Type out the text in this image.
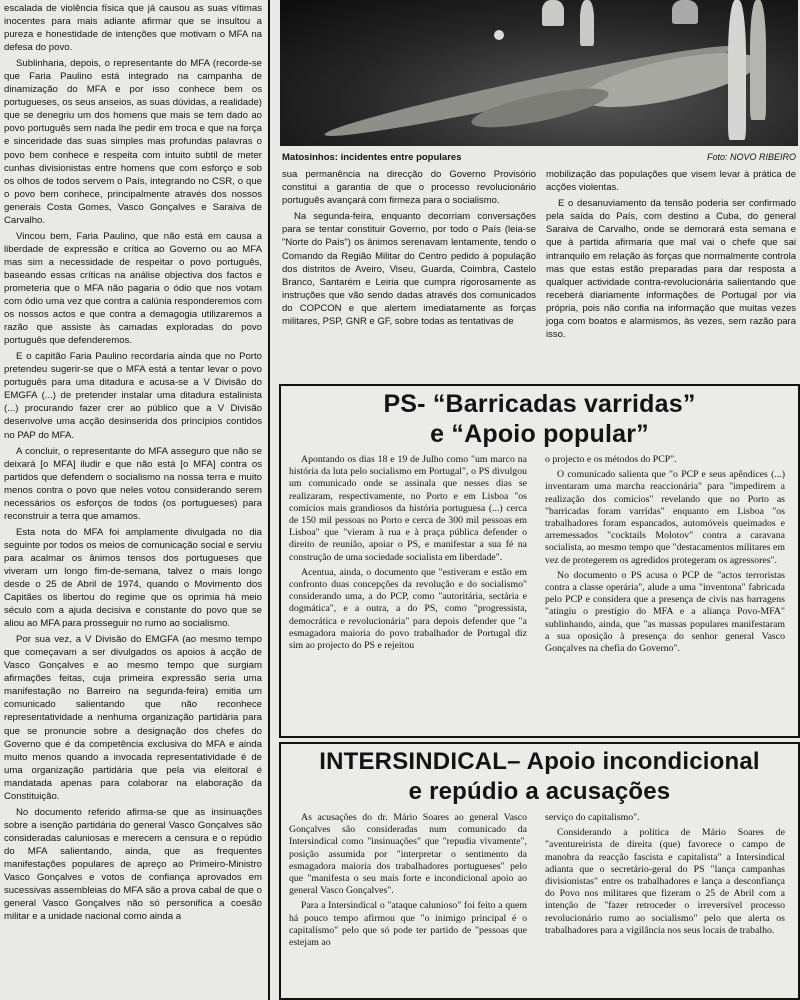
escalada de violência física que já causou as suas vítimas inocentes para mais adiante afirmar que se insultou a pureza e honestidade de intenções que motivam o MFA na defesa do povo.

Sublinharia, depois, o representante do MFA (recorde-se que Faria Paulino está integrado na campanha de dinamização do MFA e por isso conhece bem os portugueses, os seus anseios, as suas dúvidas, a realidade) que se denegriu um dos homens que mais se tem dado ao povo português sem nada lhe pedir em troca e que na força e sinceridade das suas simples mas profundas palavras o povo bem conhece e respeita com intuito subtil de meter cunhas divisionistas entre homens que com esforço e sob os olhos de todos servem o País, integrando no CSR, o que o povo bem conhece, principalmente através dos nossos generais Costa Gomes, Vasco Gonçalves e Saraiva de Carvalho.

Vincou bem, Faria Paulino, que não está em causa a liberdade de expressão e crítica ao Governo ou ao MFA mas sim a necessidade de respeitar o povo português, baseando essas críticas na análise objectiva dos factos e prometeria que o MFA não pagaria o ódio que nos votam com ódio uma vez que contra a calúnia responderemos com os nossos actos e que contra a demagogia utilizaremos a razão que assiste às camadas exploradas do povo português que defenderemos.

E o capitão Faria Paulino recordaria ainda que no Porto pretendeu sugerir-se que o MFA está a tentar levar o povo português para uma ditadura e acusa-se a V Divisão do EMGFA (...) de pretender instalar uma ditadura estalinista (...) procurando fazer crer ao público que a V Divisão desenvolve uma acção desinserida dos princípios contidos no PAP do MFA.

A concluir, o representante do MFA asseguro que não se deixará [o MFA] iludir e que não está [o MFA] contra os partidos que defendem o socialismo na nossa terra e muito menos contra o povo que neles votou considerando serem necessários os esforços de todos (os portugueses) para reconstruir a terra que amamos.

Esta nota do MFA foi amplamente divulgada no dia seguinte por todos os meios de comunicação social e serviu para acalmar os ânimos tensos dos portugueses que viveram um longo fim-de-semana, talvez o mais longo desde o 25 de Abril de 1974, quando o Movimento dos Capitães os libertou do regime que os oprimia há meio século com a ajuda decisiva e constante do povo que se aliou ao MFA para prosseguir no rumo ao socialismo.

Por sua vez, a V Divisão do EMGFA (ao mesmo tempo que começavam a ser divulgados os apoios à acção de Vasco Gonçalves e ao mesmo tempo que surgiam afirmações feitas, cuja primeira expressão seria uma manifestação no Barreiro na segunda-feira) emitia um comunicado salientando que não reconhece representatividade a nenhuma organização partidária para que se pronuncie sobre a designação dos chefes do Governo que é da competência exclusiva do MFA e ainda muito menos quando a invocada representatividade é de uma organização partidária que pela via eleitoral é mandatada apenas para colaborar na elaboração da Constituição.

No documento referido afirma-se que as insinuações sobre a isenção partidária do general Vasco Gonçalves são consideradas caluniosas e merecem a censura e o repúdio do MFA salientando, ainda, que as frequentes manifestações populares de apreço ao Primeiro-Ministro Vasco Gonçalves e votos de confiança aprovados em sucessivas assembleias do MFA são a prova cabal de que o general Vasco Gonçalves não só personifica a coesão militar e a unidade nacional como ainda a

Matosinhos: incidentes entre populares	Foto: NOVO RIBEIRO

sua permanência na direcção do Governo Provisório constitui a garantia de que o processo revolucionário português avançará com firmeza para o socialismo.

Na segunda-feira, enquanto decorriam conversações para se tentar constituir Governo, por todo o País (leia-se "Norte do País") os ânimos serenavam lentamente, tendo o Comando da Região Militar do Centro pedido à população dos distritos de Aveiro, Viseu, Guarda, Coimbra, Castelo Branco, Santarém e Leiria que cumpra rigorosamente as instruções que vão sendo dadas através dos comunicados do COPCON e que alertem imediatamente as forças militares, PSP, GNR e GF, sobre todas as tentativas de

mobilização das populações que visem levar à prática de acções violentas.

E o desanuviamento da tensão poderia ser confirmado pela saída do País, com destino a Cuba, do general Saraiva de Carvalho, onde se demorará esta semana e que à partida afirmaria que mal vai o chefe que sai intranquilo em relação às forças que normalmente controla mas que estas estão preparadas para dar resposta a qualquer actividade contra-revolucionária salientando que receberá diariamente informações de Portugal por via própria, pois não confia na informação que muitas vezes joga com boatos e alarmismos, às vezes, sem razão para isso.

PS- “Barricadas varridas”
e “Apoio popular”

Apontando os dias 18 e 19 de Julho como "um marco na história da luta pelo socialismo em Portugal", o PS divulgou um comunicado onde se assinala que nesses dias se realizaram, respectivamente, no Porto e em Lisboa "os comícios mais grandiosos da história portuguesa (...) cerca de 150 mil pessoas no Porto e cerca de 300 mil pessoas em Lisboa" que "vieram à rua e à praça pública defender o direito de reunião, apoiar o PS, e manifestar a sua fé na construção de uma sociedade socialista em liberdade".

Acentua, ainda, o documento que "estiveram e estão em confronto duas concepções da revolução e do socialismo" considerando uma, a do PCP, como "autoritária, sectária e dogmática", e a outra, a do PS, como "progressista, democrática e revolucionária" para depois defender que "a esmagadora maioria do povo trabalhador de Portugal diz sim ao projecto do PS e rejeitou

o projecto e os métodos do PCP".

O comunicado salienta que "o PCP e seus apêndices (...) inventaram uma marcha reaccionária" para "impedirem a realização dos comícios" revelando que no Porto as "barricadas foram varridas" enquanto em Lisboa "os trabalhadores foram espancados, automóveis queimados e arremessados "cocktails Molotov" contra a caravana socialista, ao mesmo tempo que "destacamentos militares em vez de protegerem os agredidos protegeram os agressores".

No documento o PS acusa o PCP de "actos terroristas contra a classe operária", alude a uma "inventona" fabricada pelo PCP e considera que a presença de civis nas barragens "atingiu o prestígio do MFA e a aliança Povo-MFA" sublinhando, ainda, que "as massas populares manifestaram a sua oposição à presença do senhor general Vasco Gonçalves na chefia do Governo".

INTERSINDICAL– Apoio incondicional
e repúdio a acusações

As acusações do dr. Mário Soares ao general Vasco Gonçalves são consideradas num comunicado da Intersindical como "insinuações" que "repudia vivamente", posição assumida por "interpretar o sentimento da esmagadora maioria dos trabalhadores portugueses" pelo que "manifesta o seu mais forte e incondicional apoio ao general Vasco Gonçalves".

Para a Intersindical o "ataque calunioso" foi feito a quem há pouco tempo afirmou que "o inimigo principal é o capitalismo" pelo que só pode ter partido de "pessoas que estejam ao

serviço do capitalismo".

Considerando a política de Mário Soares de "aventureirista de direita (que) favorece o campo de manobra da reacção fascista e capitalista" a Intersindical adianta que o secretário-geral do PS "lança campanhas divisionistas" entre os trabalhadores e lança a desconfiança do Povo nos militares que fizeram o 25 de Abril com a intenção de "fazer retroceder o irreversível processo revolucionário rumo ao socialismo" pelo que alerta os trabalhadores para a vigilância nos seus locais de trabalho.
